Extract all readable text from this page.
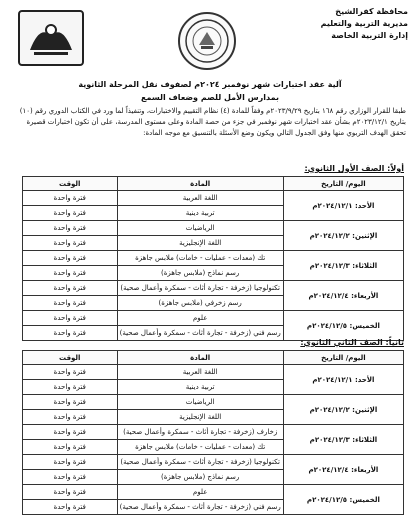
محافظة كفرالشيخ
مديرية التربية والتعليم
إدارة التربية الخاصة
آلية عقد اختبارات شهر نوفمبر ٢٠٢٤م لصفوف نقل المرحلة الثانوية
بمدارس الأمل للصم وضعاف السمع
طبقا للقرار الوزاري رقم ١٦٨ بتاريخ ٢٠٢٣/٩/٢٩م وفقاً للمادة (٤) نظام التقييم والاختبارات، وتنفيذاً لما ورد في الكتاب الدوري رقم (١٠) بتاريخ ٢٠٢٣/١٢/١م بشأن عقد اختبارات شهر نوفمبر في جزء من حصة المادة وعلى مستوى المدرسة، على أن تكون اختبارات قصيرة تحقق الهدف التربوي منها وفق الجدول التالي ويكون وضع الأسئلة بالتنسيق مع موجه المادة:
أولاً: الصف الأول الثانوي:
اليوم/ التاريخ	المادة	الوقت
الأحد: ٢٠٢٤/١٢/١م	اللغة العربية	فترة واحدة
	تربية دينية	فترة واحدة
الإثنين: ٢٠٢٤/١٢/٢م	الرياضيات	فترة واحدة
	اللغة الإنجليزية	فترة واحدة
الثلاثاء: ٢٠٢٤/١٢/٣م	تك (معدات - عمليات - خامات) ملابس جاهزة	فترة واحدة
	رسم نماذج (ملابس جاهزة)	فترة واحدة
الأربعاء: ٢٠٢٤/١٢/٤م	تكنولوجيا (زخرفة - تجارة أثاث - سمكرة وأعمال صحية)	فترة واحدة
	رسم زخرفي (ملابس جاهزة)	فترة واحدة
الخميس: ٢٠٢٤/١٢/٥م	علوم	فترة واحدة
	رسم فني (زخرفة - تجارة أثاث - سمكرة وأعمال صحية)	فترة واحدة
ثانياً: الصف الثاني الثانوي:
اليوم/ التاريخ	المادة	الوقت
الأحد: ٢٠٢٤/١٢/١م	اللغة العربية	فترة واحدة
	تربية دينية	فترة واحدة
الإثنين: ٢٠٢٤/١٢/٢م	الرياضيات	فترة واحدة
	اللغة الإنجليزية	فترة واحدة
الثلاثاء: ٢٠٢٤/١٢/٣م	زخارف (زخرفة - تجارة أثاث - سمكرة وأعمال صحية)	فترة واحدة
	تك (معدات - عمليات - خامات) ملابس جاهزة	فترة واحدة
الأربعاء: ٢٠٢٤/١٢/٤م	تكنولوجيا (زخرفة - تجارة أثاث - سمكرة وأعمال صحية)	فترة واحدة
	رسم نماذج (ملابس جاهزة)	فترة واحدة
الخميس: ٢٠٢٤/١٢/٥م	علوم	فترة واحدة
	رسم فني (زخرفة - تجارة أثاث - سمكرة وأعمال صحية)	فترة واحدة
